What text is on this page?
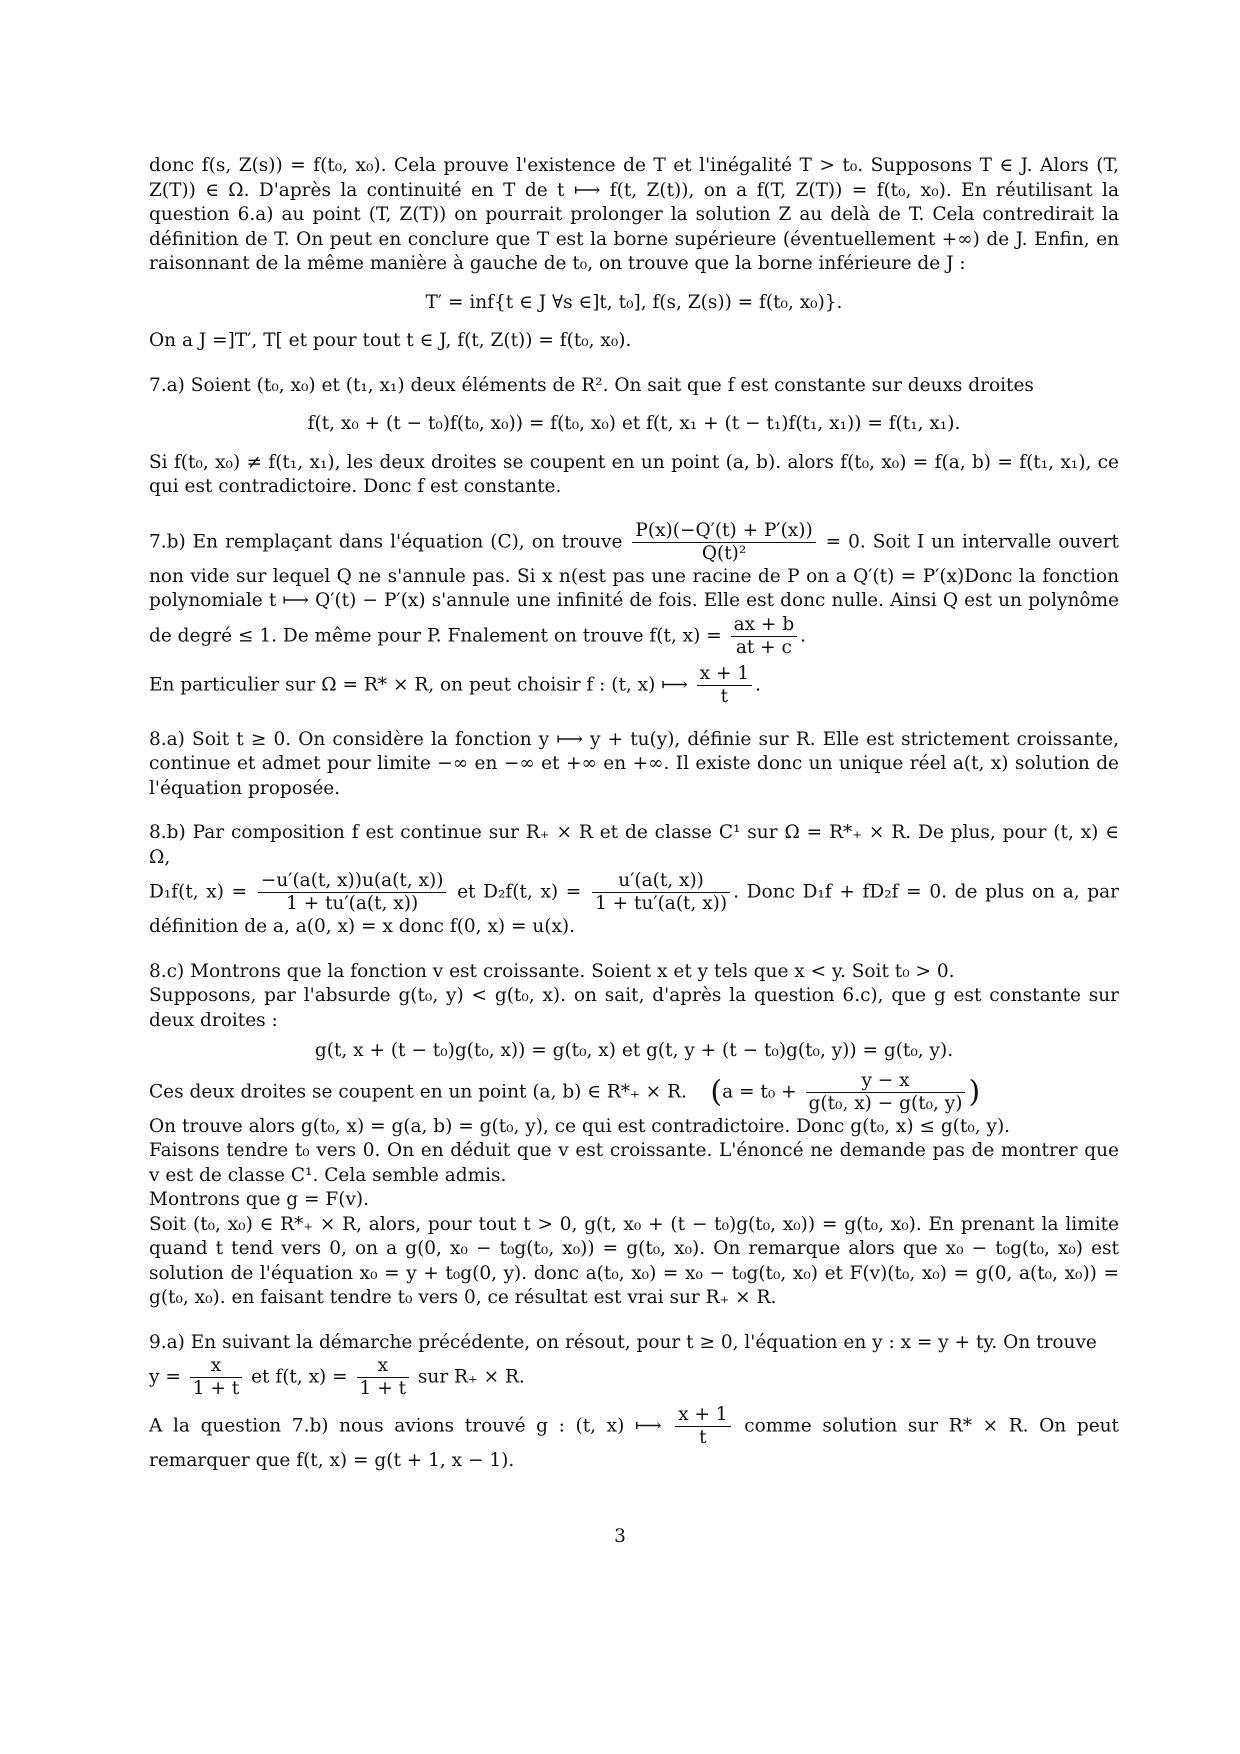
donc f(s, Z(s)) = f(t₀, x₀). Cela prouve l'existence de T et l'inégalité T > t₀. Supposons T ∈ J. Alors (T, Z(T)) ∈ Ω. D'après la continuité en T de t ⟼ f(t, Z(t)), on a f(T, Z(T)) = f(t₀, x₀). En réutilisant la question 6.a) au point (T, Z(T)) on pourrait prolonger la solution Z au delà de T. Cela contredirait la définition de T. On peut en conclure que T est la borne supérieure (éventuellement +∞) de J. Enfin, en raisonnant de la même manière à gauche de t₀, on trouve que la borne inférieure de J :

T′ = inf{t ∈ J ∀s ∈]t, t₀], f(s, Z(s)) = f(t₀, x₀)}.

On a J =]T′, T[ et pour tout t ∈ J, f(t, Z(t)) = f(t₀, x₀).

7.a) Soient (t₀, x₀) et (t₁, x₁) deux éléments de R². On sait que f est constante sur deuxs droites

f(t, x₀ + (t − t₀)f(t₀, x₀)) = f(t₀, x₀) et f(t, x₁ + (t − t₁)f(t₁, x₁)) = f(t₁, x₁).

Si f(t₀, x₀) ≠ f(t₁, x₁), les deux droites se coupent en un point (a, b). alors f(t₀, x₀) = f(a, b) = f(t₁, x₁), ce qui est contradictoire. Donc f est constante.

7.b) En remplaçant dans l'équation (C), on trouve $\frac{P(x)(-Q'(t) + P'(x))}{\text{Q(t)²}} = 0$. Soit I un intervalle ouvert non vide sur lequel Q ne s'annule pas. Si x n(est pas une racine de P on a Q′(t) = P′(x)Donc la fonction polynomiale t ⟼ Q′(t) − P′(x) s'annule une infinité de fois. Elle est donc nulle. Ainsi Q est un polynôme de degré ≤ 1. De même pour P. Fnalement on trouve f(t, $x) = \frac{ax + b}{at + c}$ .

En particulier sur Ω = R* × R, on peut choisir f : (t, x) ⟼ $\frac{x + 1}{t}$ .

8.a) Soit t ≥ 0. On considère la fonction y ⟼ y + tu(y), définie sur R. Elle est strictement croissante, continue et admet pour limite −∞ en −∞ et +∞ en +∞. Il existe donc un unique réel a(t, x) solution de l'équation proposée.

8.b) Par composition f est continue sur R₊ × R et de classe C¹ sur Ω = R*₊ × R. De plus, pour (t, x) ∈ Ω,

D₁f(t, $x) = \frac{-u'(a(t, x))u(a(t, x))}{1 + tu'(a(t, x))}$ et D₂f(t, $x) = \frac{u'(a(t, x))}{1 + tu'(a(t, x))}$ . Donc D₁f + fD₂f = 0. de plus on a, par définition de a, a(0, x) = x donc f(0, x) = u(x).

8.c) Montrons que la fonction v est croissante. Soient x et y tels que x < y. Soit t₀ > 0.

Supposons, par l'absurde g(t₀, y) < g(t₀, x). on sait, d'après la question 6.c), que g est constante sur deux droites :

g(t, x + (t − t₀)g(t₀, x)) = g(t₀, x) et g(t, y + (t − t₀)g(t₀, y)) = g(t₀, y).

Ces deux droites se coupent en un point (a, b) ∈ R*₊ × R. ($a = t_0 + \frac{y - x}{\text{g(t₀, x) − g(t₀, y)}}$ )

On trouve alors g(t₀, x) = g(a, b) = g(t₀, y), ce qui est contradictoire. Donc g(t₀, x) ≤ g(t₀, y).

Faisons tendre t₀ vers 0. On en déduit que v est croissante. L'énoncé ne demande pas de montrer que v est de classe C¹. Cela semble admis.

Montrons que g = F(v).

Soit (t₀, x₀) ∈ R*₊ × R, alors, pour tout t > 0, g(t, x₀ + (t − t₀)g(t₀, x₀)) = g(t₀, x₀). En prenant la limite quand t tend vers 0, on a g(0, x₀ − t₀g(t₀, x₀)) = g(t₀, x₀). On remarque alors que x₀ − t₀g(t₀, x₀) est solution de l'équation x₀ = y + t₀g(0, y). donc a(t₀, x₀) = x₀ − t₀g(t₀, x₀) et F(v)(t₀, x₀) = g(0, a(t₀, x₀)) = g(t₀, x₀). en faisant tendre t₀ vers 0, ce résultat est vrai sur R₊ × R.

9.a) En suivant la démarche précédente, on résout, pour t ≥ 0, l'équation en y : x = y + ty. On trouve

$y = \frac{x}{1 + t}$ et f(t, $x) = \frac{x}{1 + t}$ sur R₊ × R.

A la question 7.b) nous avions trouvé g : (t, x) ⟼ $\frac{x + 1}{t}$ comme solution sur R* × R. On peut remarquer que f(t, x) = g(t + 1, x − 1).

3
